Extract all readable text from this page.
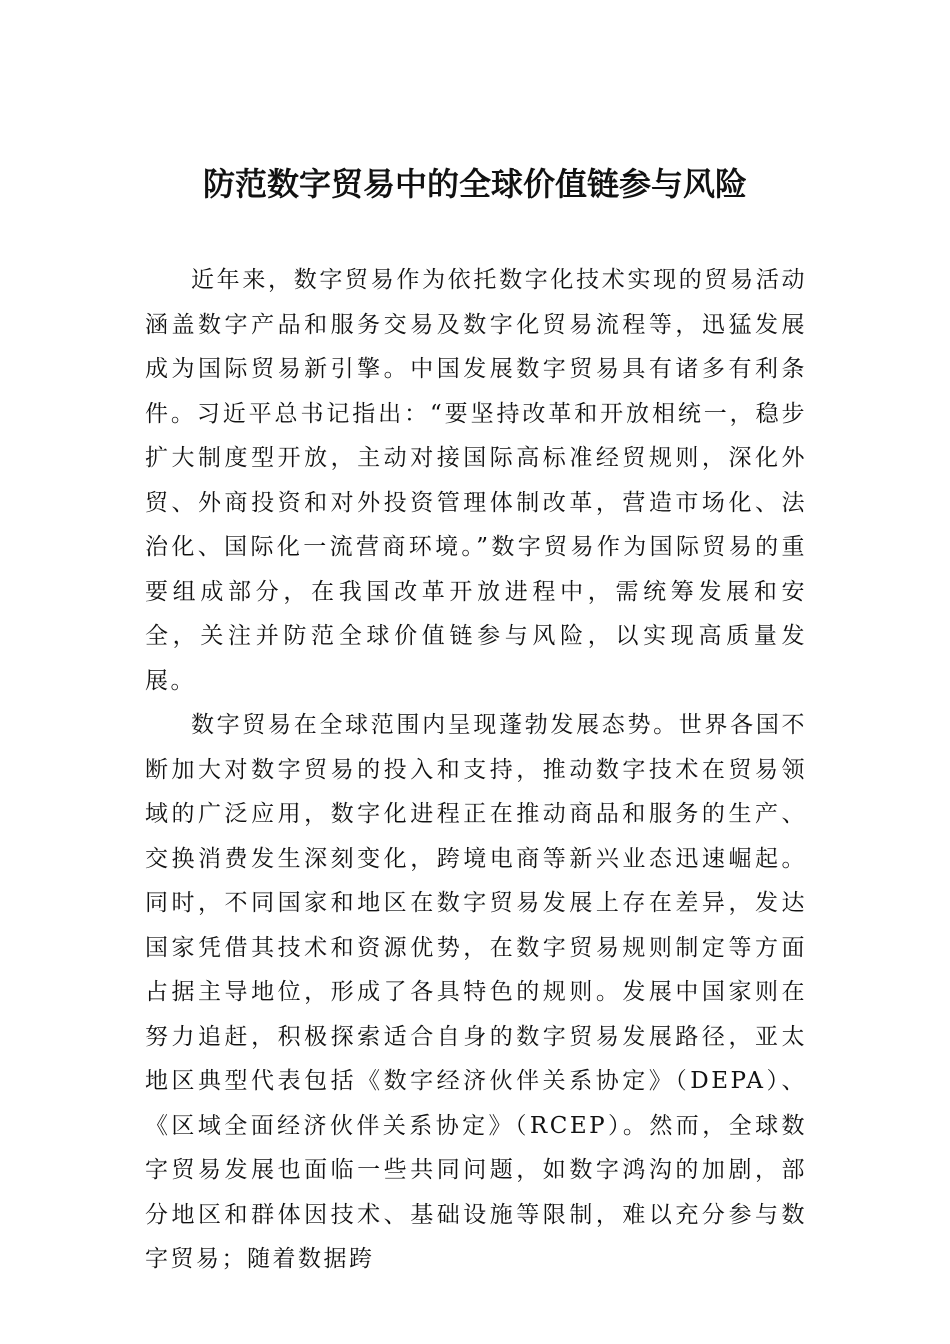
防范数字贸易中的全球价值链参与风险

近年来，数字贸易作为依托数字化技术实现的贸易活动涵盖数字产品和服务交易及数字化贸易流程等，迅猛发展成为国际贸易新引擎。中国发展数字贸易具有诸多有利条件。习近平总书记指出：“要坚持改革和开放相统一，稳步扩大制度型开放，主动对接国际高标准经贸规则，深化外贸、外商投资和对外投资管理体制改革，营造市场化、法治化、国际化一流营商环境。”数字贸易作为国际贸易的重要组成部分，在我国改革开放进程中，需统筹发展和安全，关注并防范全球价值链参与风险，以实现高质量发展。

数字贸易在全球范围内呈现蓬勃发展态势。世界各国不断加大对数字贸易的投入和支持，推动数字技术在贸易领域的广泛应用，数字化进程正在推动商品和服务的生产、交换消费发生深刻变化，跨境电商等新兴业态迅速崛起。同时，不同国家和地区在数字贸易发展上存在差异，发达国家凭借其技术和资源优势，在数字贸易规则制定等方面占据主导地位，形成了各具特色的规则。发展中国家则在努力追赶，积极探索适合自身的数字贸易发展路径，亚太地区典型代表包括《数字经济伙伴关系协定》（DEPA）、《区域全面经济伙伴关系协定》（RCEP）。然而，全球数字贸易发展也面临一些共同问题，如数字鸿沟的加剧，部分地区和群体因技术、基础设施等限制，难以充分参与数字贸易；随着数据跨
